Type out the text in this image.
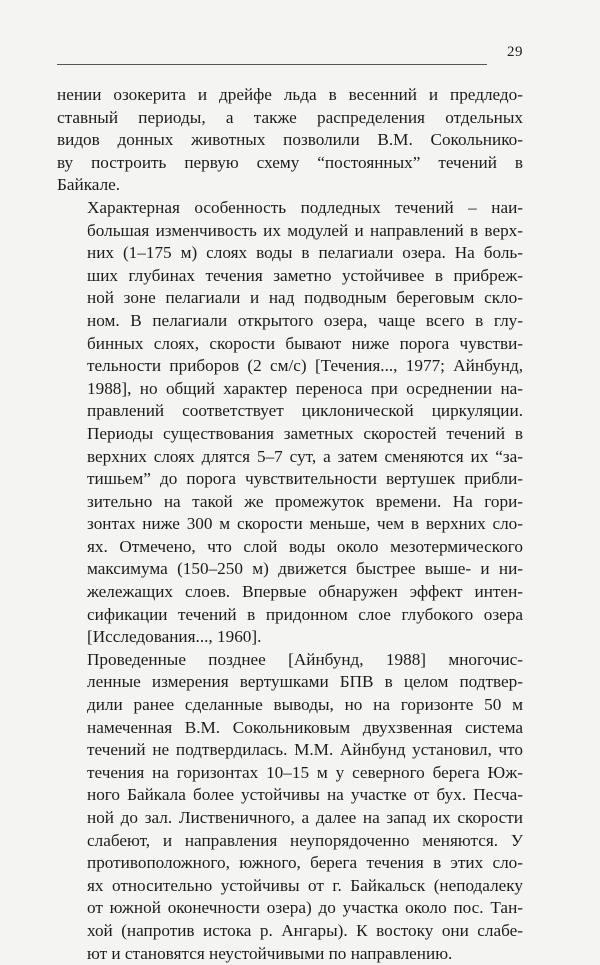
29

нении озокерита и дрейфе льда в весенний и предледо-
ставный периоды, а также распределения отдельных
видов донных животных позволили В.М. Сокольнико-
ву построить первую схему “постоянных” течений в
Байкале.

Характерная особенность подледных течений – наи-
большая изменчивость их модулей и направлений в верх-
них (1–175 м) слоях воды в пелагиали озера. На боль-
ших глубинах течения заметно устойчивее в прибреж-
ной зоне пелагиали и над подводным береговым скло-
ном. В пелагиали открытого озера, чаще всего в глу-
бинных слоях, скорости бывают ниже порога чувстви-
тельности приборов (2 см/с) [Течения..., 1977; Айнбунд,
1988], но общий характер переноса при осреднении на-
правлений соответствует циклонической циркуляции.
Периоды существования заметных скоростей течений в
верхних слоях длятся 5–7 сут, а затем сменяются их “за-
тишьем” до порога чувствительности вертушек прибли-
зительно на такой же промежуток времени. На гори-
зонтах ниже 300 м скорости меньше, чем в верхних сло-
ях. Отмечено, что слой воды около мезотермического
максимума (150–250 м) движется быстрее выше- и ни-
жележащих слоев. Впервые обнаружен эффект интен-
сификации течений в придонном слое глубокого озера
[Исследования..., 1960].

Проведенные позднее [Айнбунд, 1988] многочис-
ленные измерения вертушками БПВ в целом подтвер-
дили ранее сделанные выводы, но на горизонте 50 м
намеченная В.М. Сокольниковым двухзвенная система
течений не подтвердилась. М.М. Айнбунд установил, что
течения на горизонтах 10–15 м у северного берега Юж-
ного Байкала более устойчивы на участке от бух. Песча-
ной до зал. Лиственичного, а далее на запад их скорости
слабеют, и направления неупорядоченно меняются. У
противоположного, южного, берега течения в этих сло-
ях относительно устойчивы от г. Байкальск (неподалеку
от южной оконечности озера) до участка около пос. Тан-
хой (напротив истока р. Ангары). К востоку они слабе-
ют и становятся неустойчивыми по направлению.
